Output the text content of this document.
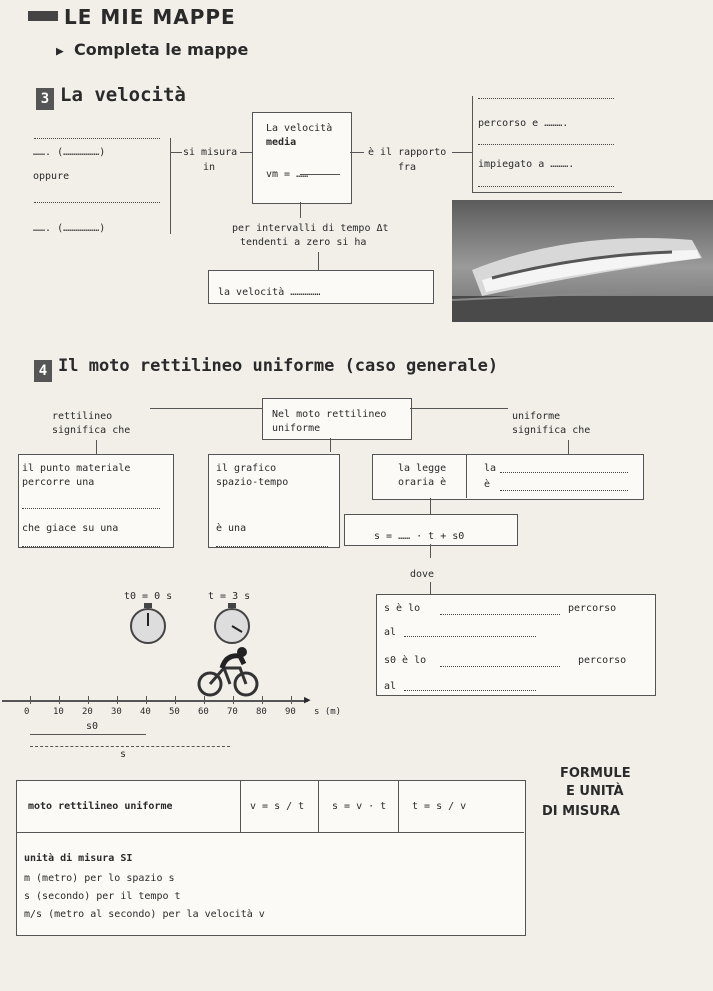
LE MIE MAPPE
▶ Completa le mappe
3 La velocità
……. (………………)
oppure
……. (………………)
si misura
in
La velocità
media
vm = ……
è il rapporto
fra
percorso e ……….
impiegato a ……….
per intervalli di tempo Δt
tendenti a zero si ha
la velocità ……………
4 Il moto rettilineo uniforme (caso generale)
rettilineo
significa che
Nel moto rettilineo
uniforme
uniforme
significa che
il punto materiale
percorre una
che giace su una
il grafico
spazio-tempo
è una
la legge
oraria è
la
è
s = …… · t + s0
dove
s è lo	percorso
al
s0 è lo	percorso
al
t0 = 0 s	t = 3 s
▶
0	10 20 30 40 50 60 70 80 90 s (m)
s0
s
FORMULE
E UNITÀ
DI MISURA
moto rettilineo uniforme	v = s / t	s = v · t	t = s / v
unità di misura SI
m (metro) per lo spazio s
s (secondo) per il tempo t
m/s (metro al secondo) per la velocità v
